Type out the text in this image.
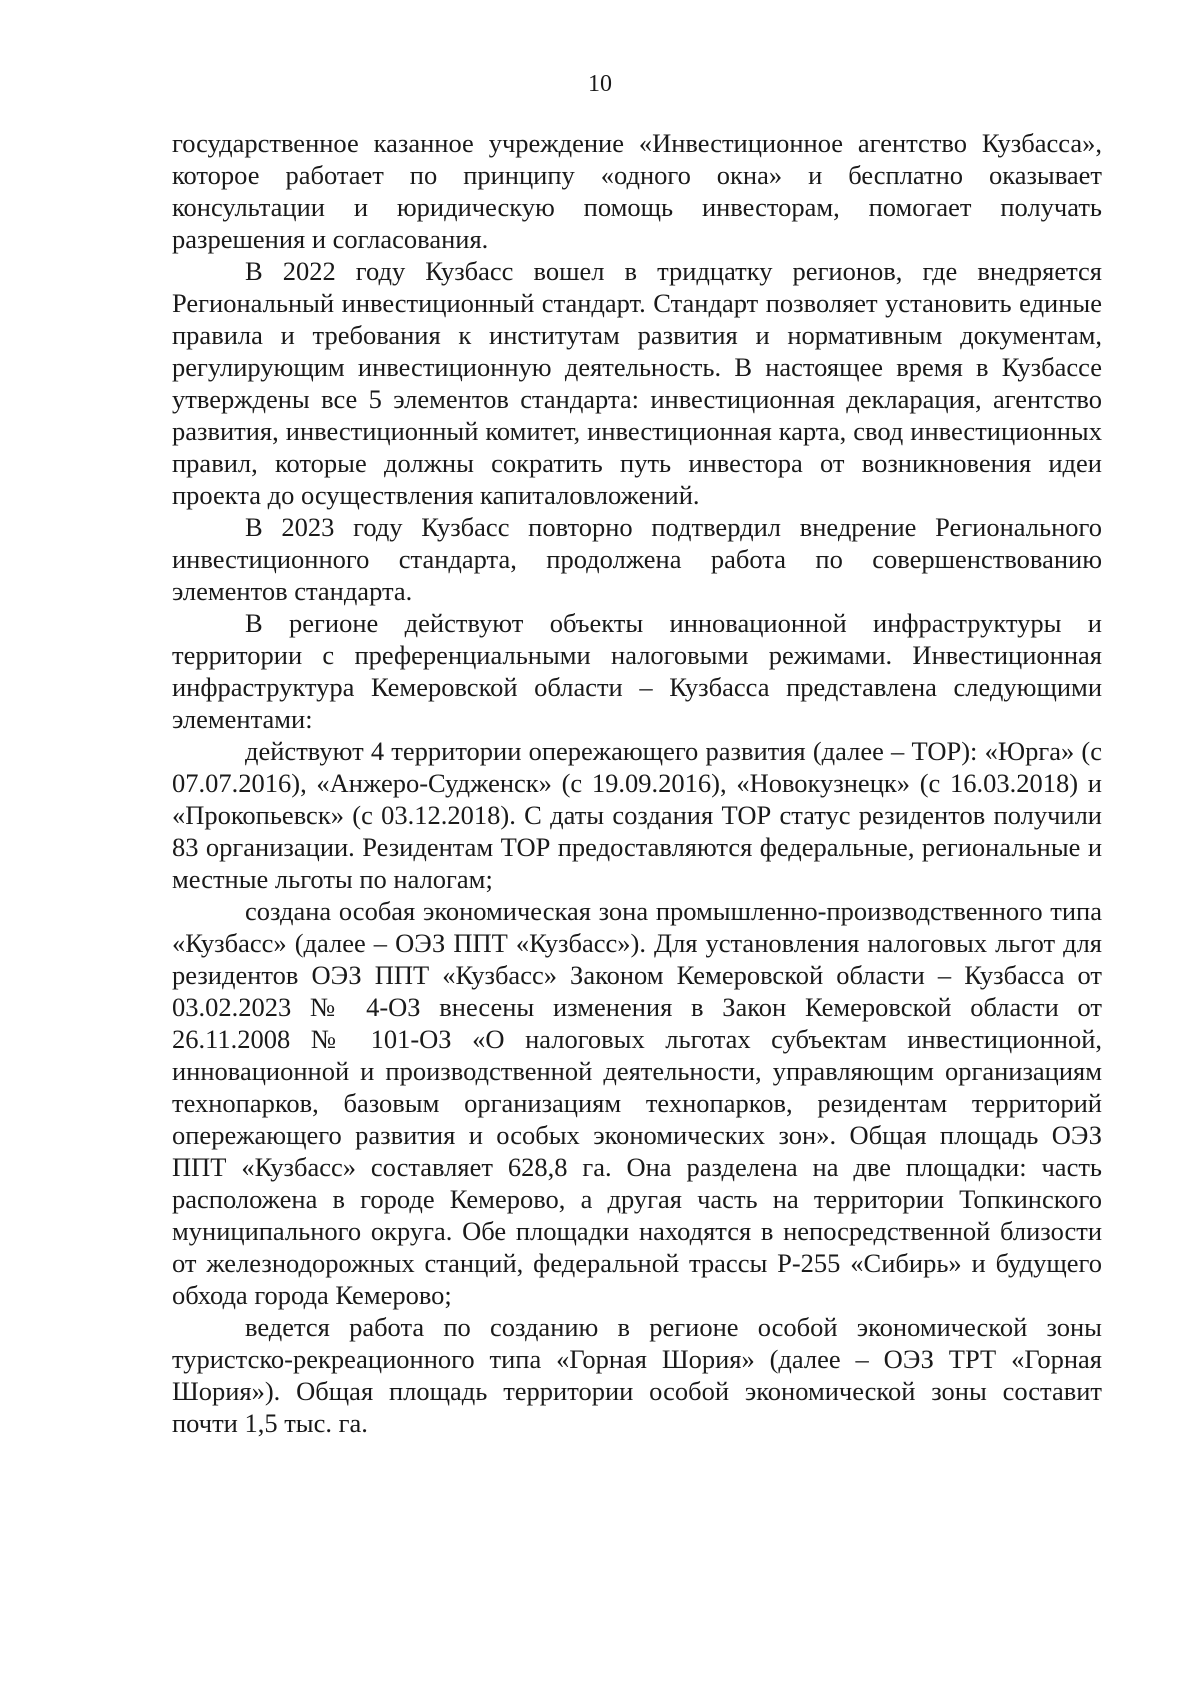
10

государственное казанное учреждение «Инвестиционное агентство Кузбасса», которое работает по принципу «одного окна» и бесплатно оказывает консультации и юридическую помощь инвесторам, помогает получать разрешения и согласования.

В 2022 году Кузбасс вошел в тридцатку регионов, где внедряется Региональный инвестиционный стандарт. Стандарт позволяет установить единые правила и требования к институтам развития и нормативным документам, регулирующим инвестиционную деятельность. В настоящее время в Кузбассе утверждены все 5 элементов стандарта: инвестиционная декларация, агентство развития, инвестиционный комитет, инвестиционная карта, свод инвестиционных правил, которые должны сократить путь инвестора от возникновения идеи проекта до осуществления капиталовложений.

В 2023 году Кузбасс повторно подтвердил внедрение Регионального инвестиционного стандарта, продолжена работа по совершенствованию элементов стандарта.

В регионе действуют объекты инновационной инфраструктуры и территории с преференциальными налоговыми режимами. Инвестиционная инфраструктура Кемеровской области – Кузбасса представлена следующими элементами:

действуют 4 территории опережающего развития (далее – ТОР): «Юрга» (с 07.07.2016), «Анжеро-Судженск» (с 19.09.2016), «Новокузнецк» (с 16.03.2018) и «Прокопьевск» (с 03.12.2018). С даты создания ТОР статус резидентов получили 83 организации. Резидентам ТОР предоставляются федеральные, региональные и местные льготы по налогам;

создана особая экономическая зона промышленно-производственного типа «Кузбасс» (далее – ОЭЗ ППТ «Кузбасс»). Для установления налоговых льгот для резидентов ОЭЗ ППТ «Кузбасс» Законом Кемеровской области – Кузбасса от 03.02.2023 № 4-ОЗ внесены изменения в Закон Кемеровской области от 26.11.2008 № 101-ОЗ «О налоговых льготах субъектам инвестиционной, инновационной и производственной деятельности, управляющим организациям технопарков, базовым организациям технопарков, резидентам территорий опережающего развития и особых экономических зон». Общая площадь ОЭЗ ППТ «Кузбасс» составляет 628,8 га. Она разделена на две площадки: часть расположена в городе Кемерово, а другая часть на территории Топкинского муниципального округа. Обе площадки находятся в непосредственной близости от железнодорожных станций, федеральной трассы Р-255 «Сибирь» и будущего обхода города Кемерово;

ведется работа по созданию в регионе особой экономической зоны туристско-рекреационного типа «Горная Шория» (далее – ОЭЗ ТРТ «Горная Шория»). Общая площадь территории особой экономической зоны составит почти 1,5 тыс. га.
